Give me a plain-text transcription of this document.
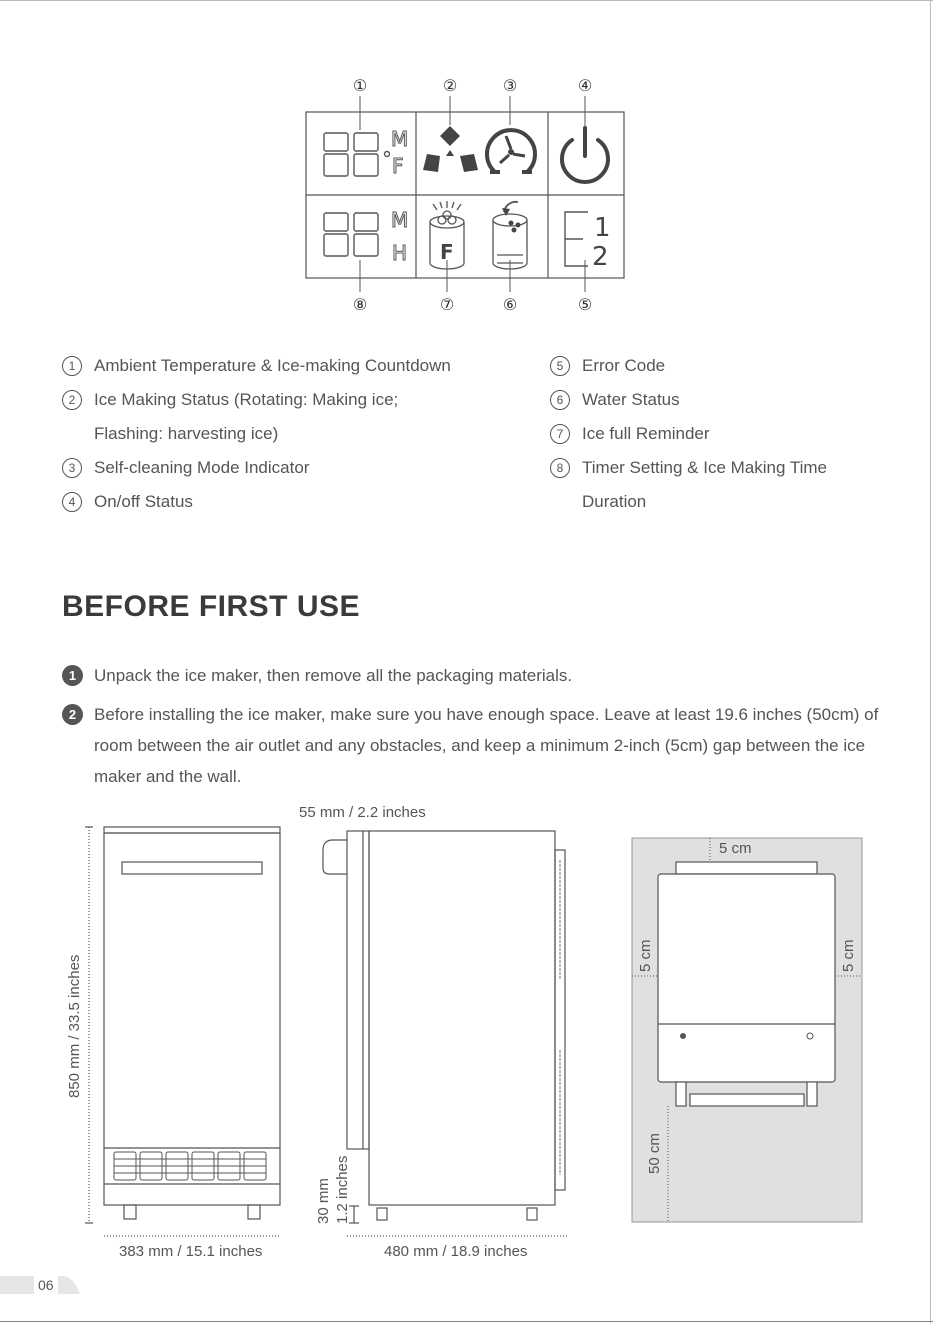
①	②	③	④
⑧	⑦	⑥	⑤
M
F
M
H F
1
2
1	Ambient Temperature & Ice-making Countdown
2	Ice Making Status (Rotating: Making ice;
Flashing: harvesting ice)
3	Self-cleaning Mode Indicator
4	On/off Status
5	Error Code
6	Water Status
7	Ice full Reminder
8	Timer Setting & Ice Making Time
Duration
BEFORE FIRST USE
1	Unpack the ice maker, then remove all the packaging materials.
2	Before installing the ice maker, make sure you have enough space. Leave at least 19.6 inches (50cm) of room between the air outlet and any obstacles, and keep a minimum 2-inch (5cm) gap between the ice maker and the wall.
850 mm / 33.5 inches
383 mm / 15.1 inches
55 mm / 2.2 inches
30 mm 1.2 inches
480 mm / 18.9 inches
5 cm
5 cm	5 cm
50 cm
06
